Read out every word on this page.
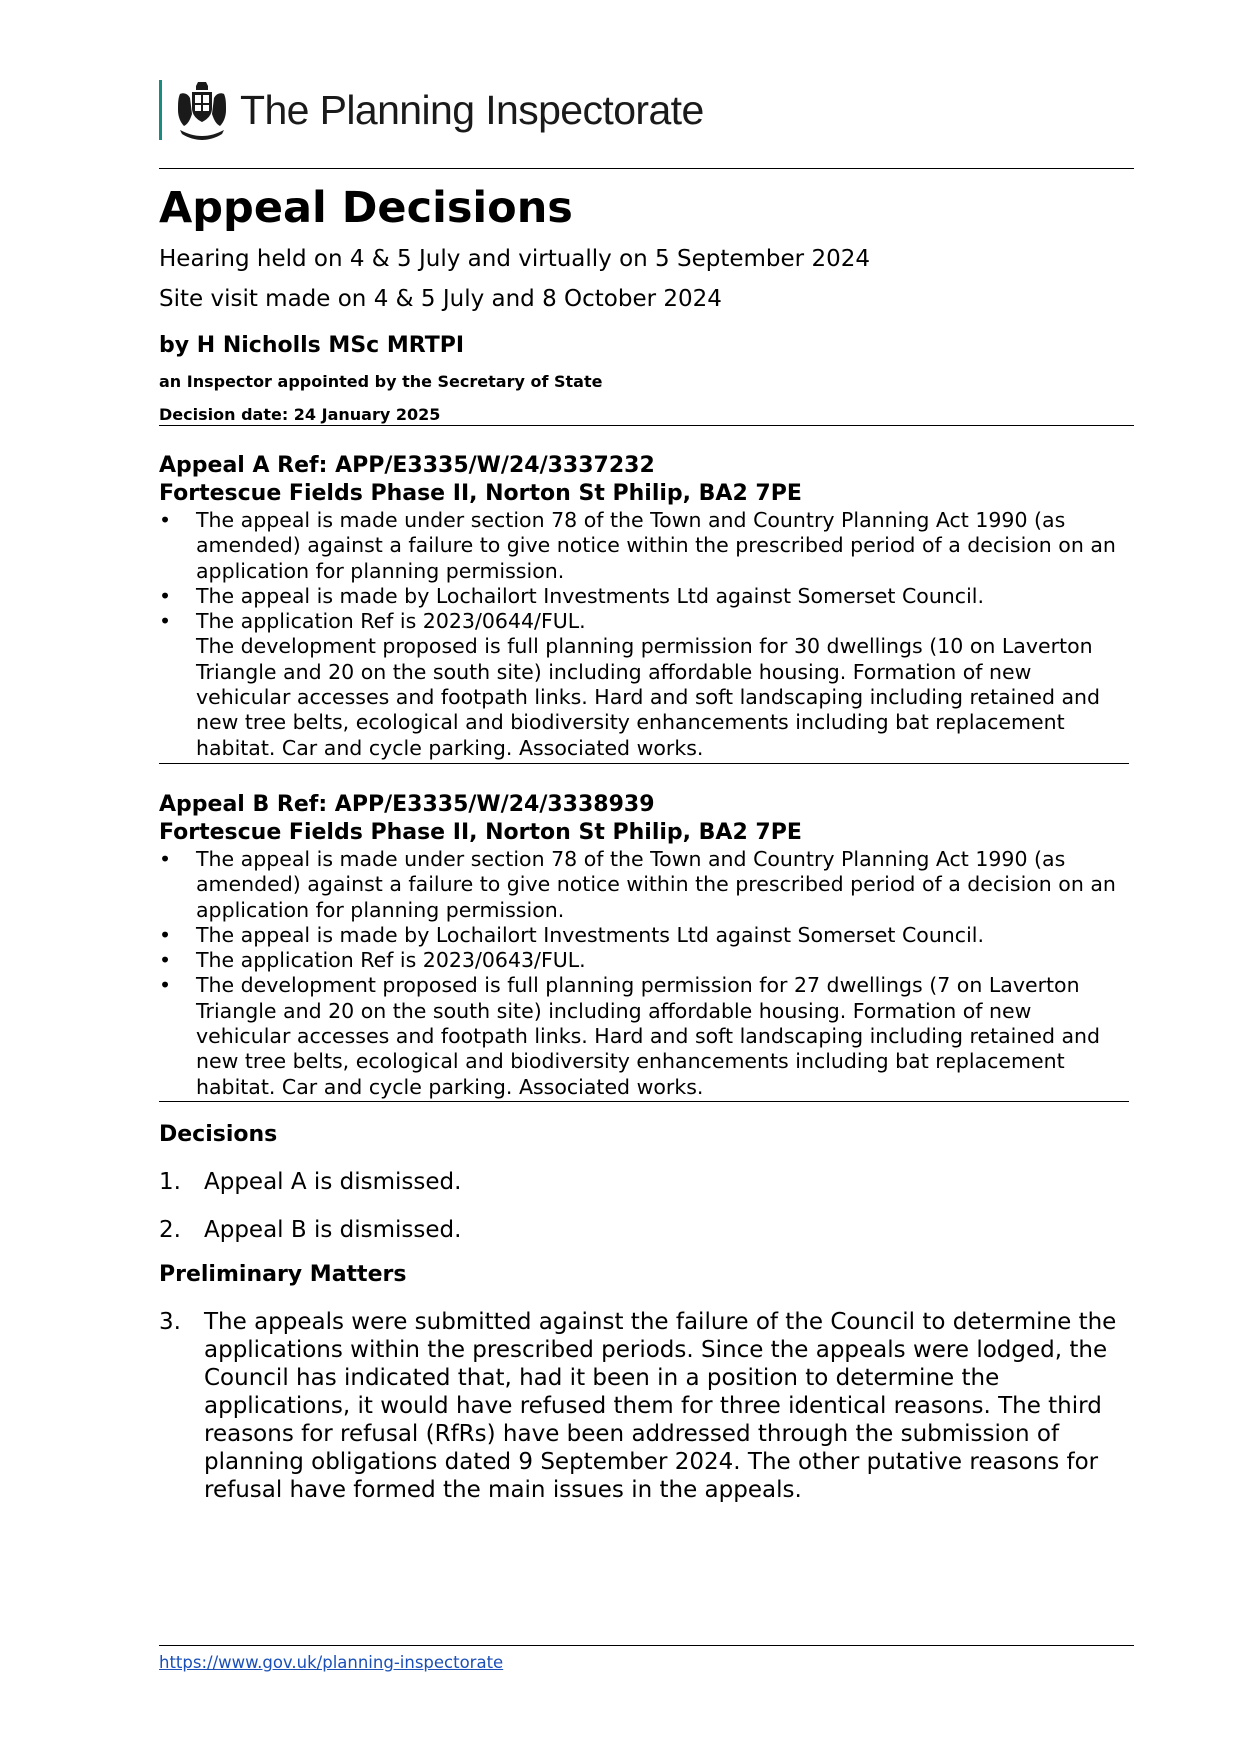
The Planning Inspectorate
Appeal Decisions
Hearing held on 4 & 5 July and virtually on 5 September 2024
Site visit made on 4 & 5 July and 8 October 2024
by H Nicholls MSc MRTPI
an Inspector appointed by the Secretary of State
Decision date: 24 January 2025
Appeal A Ref: APP/E3335/W/24/3337232
Fortescue Fields Phase II, Norton St Philip, BA2 7PE
• The appeal is made under section 78 of the Town and Country Planning Act 1990 (as amended) against a failure to give notice within the prescribed period of a decision on an application for planning permission.
• The appeal is made by Lochailort Investments Ltd against Somerset Council.
• The application Ref is 2023/0644/FUL.
The development proposed is full planning permission for 30 dwellings (10 on Laverton Triangle and 20 on the south site) including affordable housing. Formation of new vehicular accesses and footpath links. Hard and soft landscaping including retained and new tree belts, ecological and biodiversity enhancements including bat replacement habitat. Car and cycle parking. Associated works.
Appeal B Ref: APP/E3335/W/24/3338939
Fortescue Fields Phase II, Norton St Philip, BA2 7PE
• The appeal is made under section 78 of the Town and Country Planning Act 1990 (as amended) against a failure to give notice within the prescribed period of a decision on an application for planning permission.
• The appeal is made by Lochailort Investments Ltd against Somerset Council.
• The application Ref is 2023/0643/FUL.
• The development proposed is full planning permission for 27 dwellings (7 on Laverton Triangle and 20 on the south site) including affordable housing. Formation of new vehicular accesses and footpath links. Hard and soft landscaping including retained and new tree belts, ecological and biodiversity enhancements including bat replacement habitat. Car and cycle parking. Associated works.
Decisions
1.	Appeal A is dismissed.
2.	Appeal B is dismissed.
Preliminary Matters
3.	The appeals were submitted against the failure of the Council to determine the applications within the prescribed periods. Since the appeals were lodged, the Council has indicated that, had it been in a position to determine the applications, it would have refused them for three identical reasons. The third reasons for refusal (RfRs) have been addressed through the submission of planning obligations dated 9 September 2024. The other putative reasons for refusal have formed the main issues in the appeals.
https://www.gov.uk/planning-inspectorate
